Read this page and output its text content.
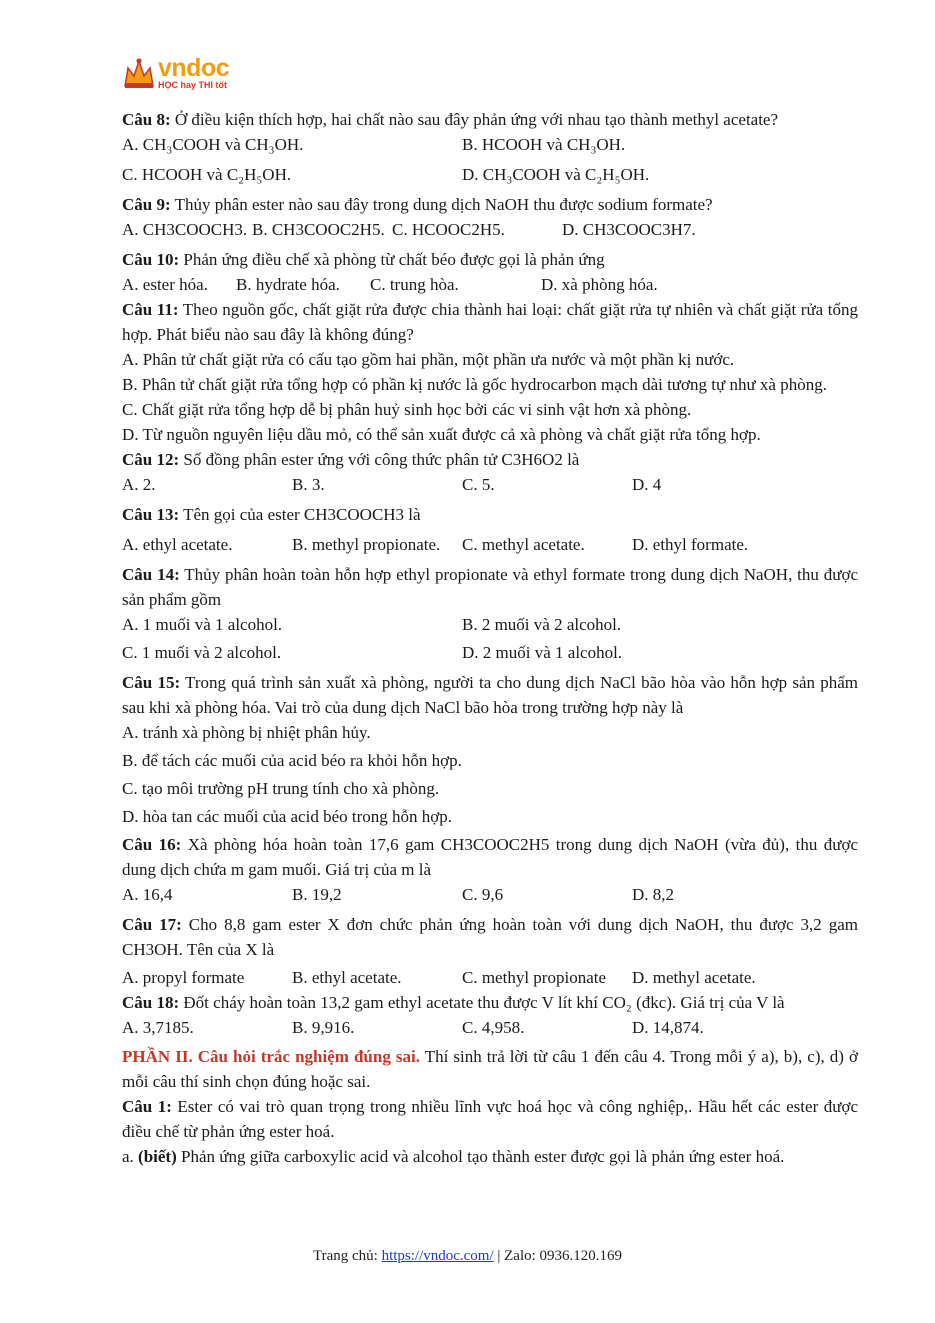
vndoc
HỌC hay THI tốt
Câu 8: Ở điều kiện thích hợp, hai chất nào sau đây phản ứng với nhau tạo thành methyl acetate?
A. CH₃COOH và CH₃OH.	B. HCOOH và CH₃OH.
C. HCOOH và C₂H₅OH.	D. CH₃COOH và C₂H₅OH.
Câu 9: Thủy phân ester nào sau đây trong dung dịch NaOH thu được sodium formate?
A. CH3COOCH3. B. CH3COOC2H5. C. HCOOC2H5.	D. CH3COOC3H7.
Câu 10: Phản ứng điều chế xà phòng từ chất béo được gọi là phản ứng
A. ester hóa.	B. hydrate hóa.	C. trung hòa.	D. xà phòng hóa.
Câu 11: Theo nguồn gốc, chất giặt rửa được chia thành hai loại: chất giặt rửa tự nhiên và chất giặt rửa tổng hợp. Phát biểu nào sau đây là không đúng?
A. Phân tử chất giặt rửa có cấu tạo gồm hai phần, một phần ưa nước và một phần kị nước.
B. Phân tử chất giặt rửa tổng hợp có phần kị nước là gốc hydrocarbon mạch dài tương tự như xà phòng.
C. Chất giặt rửa tổng hợp dễ bị phân huỷ sinh học bởi các vi sinh vật hơn xà phòng.
D. Từ nguồn nguyên liệu dầu mỏ, có thể sản xuất được cả xà phòng và chất giặt rửa tổng hợp.
Câu 12: Số đồng phân ester ứng với công thức phân tử C3H6O2 là
A. 2.	B. 3.	C. 5.	D. 4
Câu 13: Tên gọi của ester CH3COOCH3 là
A. ethyl acetate.	B. methyl propionate.	C. methyl acetate.	D. ethyl formate.
Câu 14: Thủy phân hoàn toàn hỗn hợp ethyl propionate và ethyl formate trong dung dịch NaOH, thu được sản phẩm gồm
A. 1 muối và 1 alcohol.	B. 2 muối và 2 alcohol.
C. 1 muối và 2 alcohol.	D. 2 muối và 1 alcohol.
Câu 15: Trong quá trình sản xuất xà phòng, người ta cho dung dịch NaCl bão hòa vào hỗn hợp sản phẩm sau khi xà phòng hóa. Vai trò của dung dịch NaCl bão hòa trong trường hợp này là
A. tránh xà phòng bị nhiệt phân hủy.
B. để tách các muối của acid béo ra khỏi hỗn hợp.
C. tạo môi trường pH trung tính cho xà phòng.
D. hòa tan các muối của acid béo trong hỗn hợp.
Câu 16: Xà phòng hóa hoàn toàn 17,6 gam CH3COOC2H5 trong dung dịch NaOH (vừa đủ), thu được dung dịch chứa m gam muối. Giá trị của m là
A. 16,4	B. 19,2	C. 9,6	D. 8,2
Câu 17: Cho 8,8 gam ester X đơn chức phản ứng hoàn toàn với dung dịch NaOH, thu được 3,2 gam CH3OH. Tên của X là
A. propyl formate	B. ethyl acetate.	C. methyl propionate	D. methyl acetate.
Câu 18: Đốt cháy hoàn toàn 13,2 gam ethyl acetate thu được V lít khí CO₂ (đkc). Giá trị của V là
A. 3,7185.	B. 9,916.	C. 4,958.	D. 14,874.
PHẦN II. Câu hỏi trắc nghiệm đúng sai. Thí sinh trả lời từ câu 1 đến câu 4. Trong mỗi ý a), b), c), d) ở mỗi câu thí sinh chọn đúng hoặc sai.
Câu 1: Ester có vai trò quan trọng trong nhiều lĩnh vực hoá học và công nghiệp,. Hầu hết các ester được điều chế từ phản ứng ester hoá.
a. (biết) Phản ứng giữa carboxylic acid và alcohol tạo thành ester được gọi là phản ứng ester hoá.
Trang chủ: https://vndoc.com/ | Zalo: 0936.120.169
